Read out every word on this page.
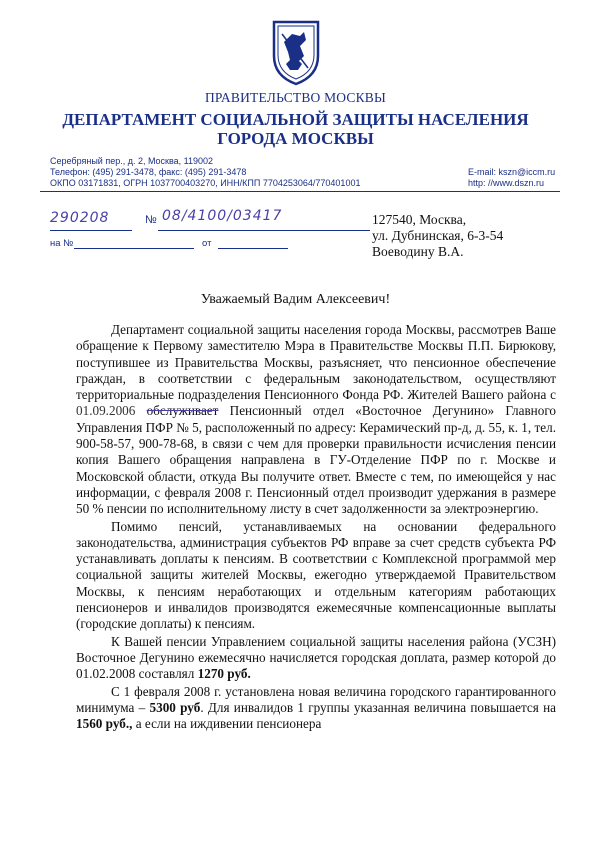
ПРАВИТЕЛЬСТВО МОСКВЫ
ДЕПАРТАМЕНТ СОЦИАЛЬНОЙ ЗАЩИТЫ НАСЕЛЕНИЯ
ГОРОДА МОСКВЫ
Серебряный пер., д. 2, Москва, 119002
Телефон: (495) 291-3478, факс: (495) 291-3478
ОКПО 03171831, ОГРН 1037700403270, ИНН/КПП 7704253064/770401001
E-mail: kszn@iccm.ru
http: //www.dszn.ru
290208	№ 08/4100/03417
на №	от
127540, Москва,
ул. Дубнинская, 6-3-54
Воеводину В.А.
Уважаемый Вадим Алексеевич!

Департамент социальной защиты населения города Москвы, рассмотрев Ваше обращение к Первому заместителю Мэра в Правительстве Москвы П.П. Бирюкову, поступившее из Правительства Москвы, разъясняет, что пенсионное обеспечение граждан, в соответствии с федеральным законодательством, осуществляют территориальные подразделения Пенсионного Фонда РФ. Жителей Вашего района с 01.09.2006 обслуживает Пенсионный отдел «Восточное Дегунино» Главного Управления ПФР № 5, расположенный по адресу: Керамический пр-д, д. 55, к. 1, тел. 900-58-57, 900-78-68, в связи с чем для проверки правильности исчисления пенсии копия Вашего обращения направлена в ГУ-Отделение ПФР по г. Москве и Московской области, откуда Вы получите ответ. Вместе с тем, по имеющейся у нас информации, с февраля 2008 г. Пенсионный отдел производит удержания в размере 50 % пенсии по исполнительному листу в счет задолженности за электроэнергию.

Помимо пенсий, устанавливаемых на основании федерального законодательства, администрация субъектов РФ вправе за счет средств субъекта РФ устанавливать доплаты к пенсиям. В соответствии с Комплексной программой мер социальной защиты жителей Москвы, ежегодно утверждаемой Правительством Москвы, к пенсиям неработающих и отдельным категориям работающих пенсионеров и инвалидов производятся ежемесячные компенсационные выплаты (городские доплаты) к пенсиям.

К Вашей пенсии Управлением социальной защиты населения района (УСЗН) Восточное Дегунино ежемесячно начисляется городская доплата, размер которой до 01.02.2008 составлял 1270 руб.

С 1 февраля 2008 г. установлена новая величина городского гарантированного минимума – 5300 руб. Для инвалидов 1 группы указанная величина повышается на 1560 руб., а если на иждивении пенсионера
